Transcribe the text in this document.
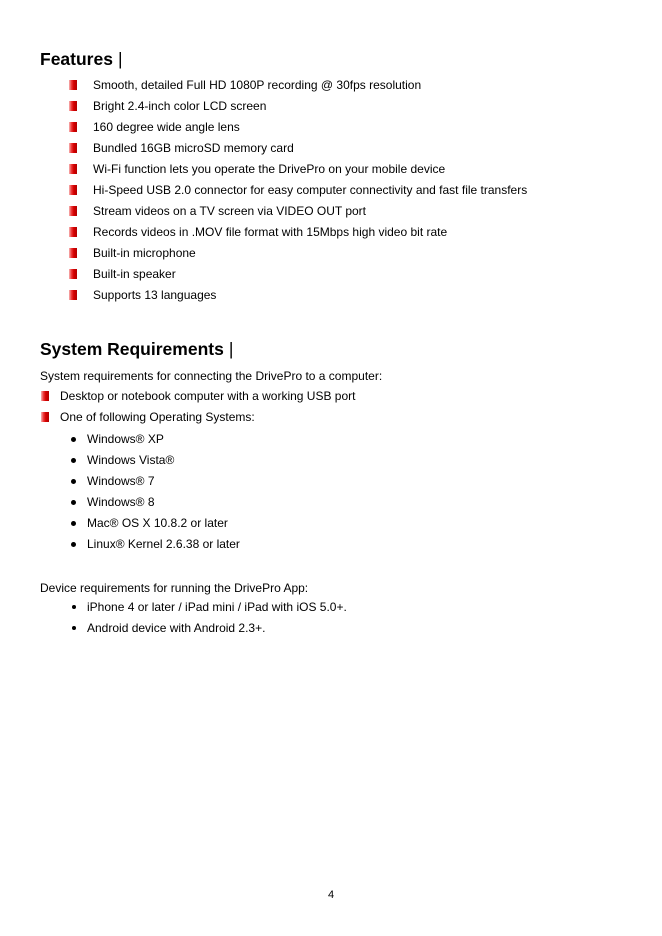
Features |
Smooth, detailed Full HD 1080P recording @ 30fps resolution
Bright 2.4-inch color LCD screen
160 degree wide angle lens
Bundled 16GB microSD memory card
Wi-Fi function lets you operate the DrivePro on your mobile device
Hi-Speed USB 2.0 connector for easy computer connectivity and fast file transfers
Stream videos on a TV screen via VIDEO OUT port
Records videos in .MOV file format with 15Mbps high video bit rate
Built-in microphone
Built-in speaker
Supports 13 languages
System Requirements |
System requirements for connecting the DrivePro to a computer:
Desktop or notebook computer with a working USB port
One of following Operating Systems:
Windows® XP
Windows Vista®
Windows® 7
Windows® 8
Mac® OS X 10.8.2 or later
Linux® Kernel 2.6.38 or later
Device requirements for running the DrivePro App:
iPhone 4 or later / iPad mini / iPad with iOS 5.0+.
Android device with Android 2.3+.
4
